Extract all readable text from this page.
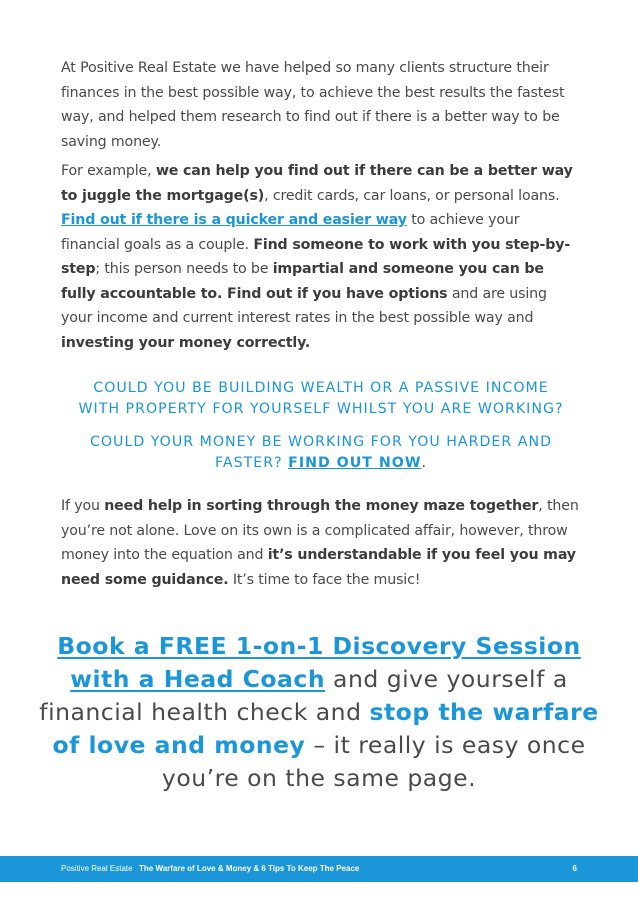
At Positive Real Estate we have helped so many clients structure their finances in the best possible way, to achieve the best results the fastest way, and helped them research to find out if there is a better way to be saving money.

For example, we can help you find out if there can be a better way to juggle the mortgage(s), credit cards, car loans, or personal loans. Find out if there is a quicker and easier way to achieve your financial goals as a couple. Find someone to work with you step-by-step; this person needs to be impartial and someone you can be fully accountable to. Find out if you have options and are using your income and current interest rates in the best possible way and investing your money correctly.

COULD YOU BE BUILDING WEALTH OR A PASSIVE INCOME
WITH PROPERTY FOR YOURSELF WHILST YOU ARE WORKING?

COULD YOUR MONEY BE WORKING FOR YOU HARDER AND
FASTER? FIND OUT NOW.

If you need help in sorting through the money maze together, then you’re not alone. Love on its own is a complicated affair, however, throw money into the equation and it’s understandable if you feel you may need some guidance. It’s time to face the music!

Book a FREE 1-on-1 Discovery Session with a Head Coach and give yourself a financial health check and stop the warfare of love and money – it really is easy once you’re on the same page.
Positive Real Estate The Warfare of Love & Money & 6 Tips To Keep The Peace	6
